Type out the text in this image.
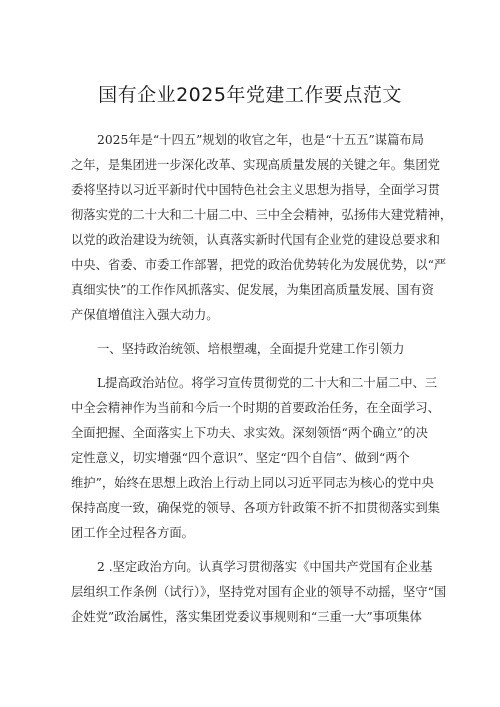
国有企业2025年党建工作要点范文
2025年是“十四五”规划的收官之年，也是“十五五”谋篇布局
之年，是集团进一步深化改革、实现高质量发展的关键之年。集团党
委将坚持以习近平新时代中国特色社会主义思想为指导，全面学习贯
彻落实党的二十大和二十届二中、三中全会精神，弘扬伟大建党精神，
以党的政治建设为统领，认真落实新时代国有企业党的建设总要求和
中央、省委、市委工作部署，把党的政治优势转化为发展优势，以“严
真细实快”的工作作风抓落实、促发展，为集团高质量发展、国有资
产保值增值注入强大动力。
一、坚持政治统领、培根塑魂，全面提升党建工作引领力
L提高政治站位。将学习宣传贯彻党的二十大和二十届二中、三
中全会精神作为当前和今后一个时期的首要政治任务，在全面学习、
全面把握、全面落实上下功夫、求实效。深刻领悟“两个确立”的决
定性意义，切实增强“四个意识”、坚定“四个自信”、做到“两个
维护”，始终在思想上政治上行动上同以习近平同志为核心的党中央
保持高度一致，确保党的领导、各项方针政策不折不扣贯彻落实到集
团工作全过程各方面。
2 .坚定政治方向。认真学习贯彻落实《中国共产党国有企业基
层组织工作条例（试行）》，坚持党对国有企业的领导不动摇，坚守“国
企姓党”政治属性，落实集团党委议事规则和“三重一大”事项集体
